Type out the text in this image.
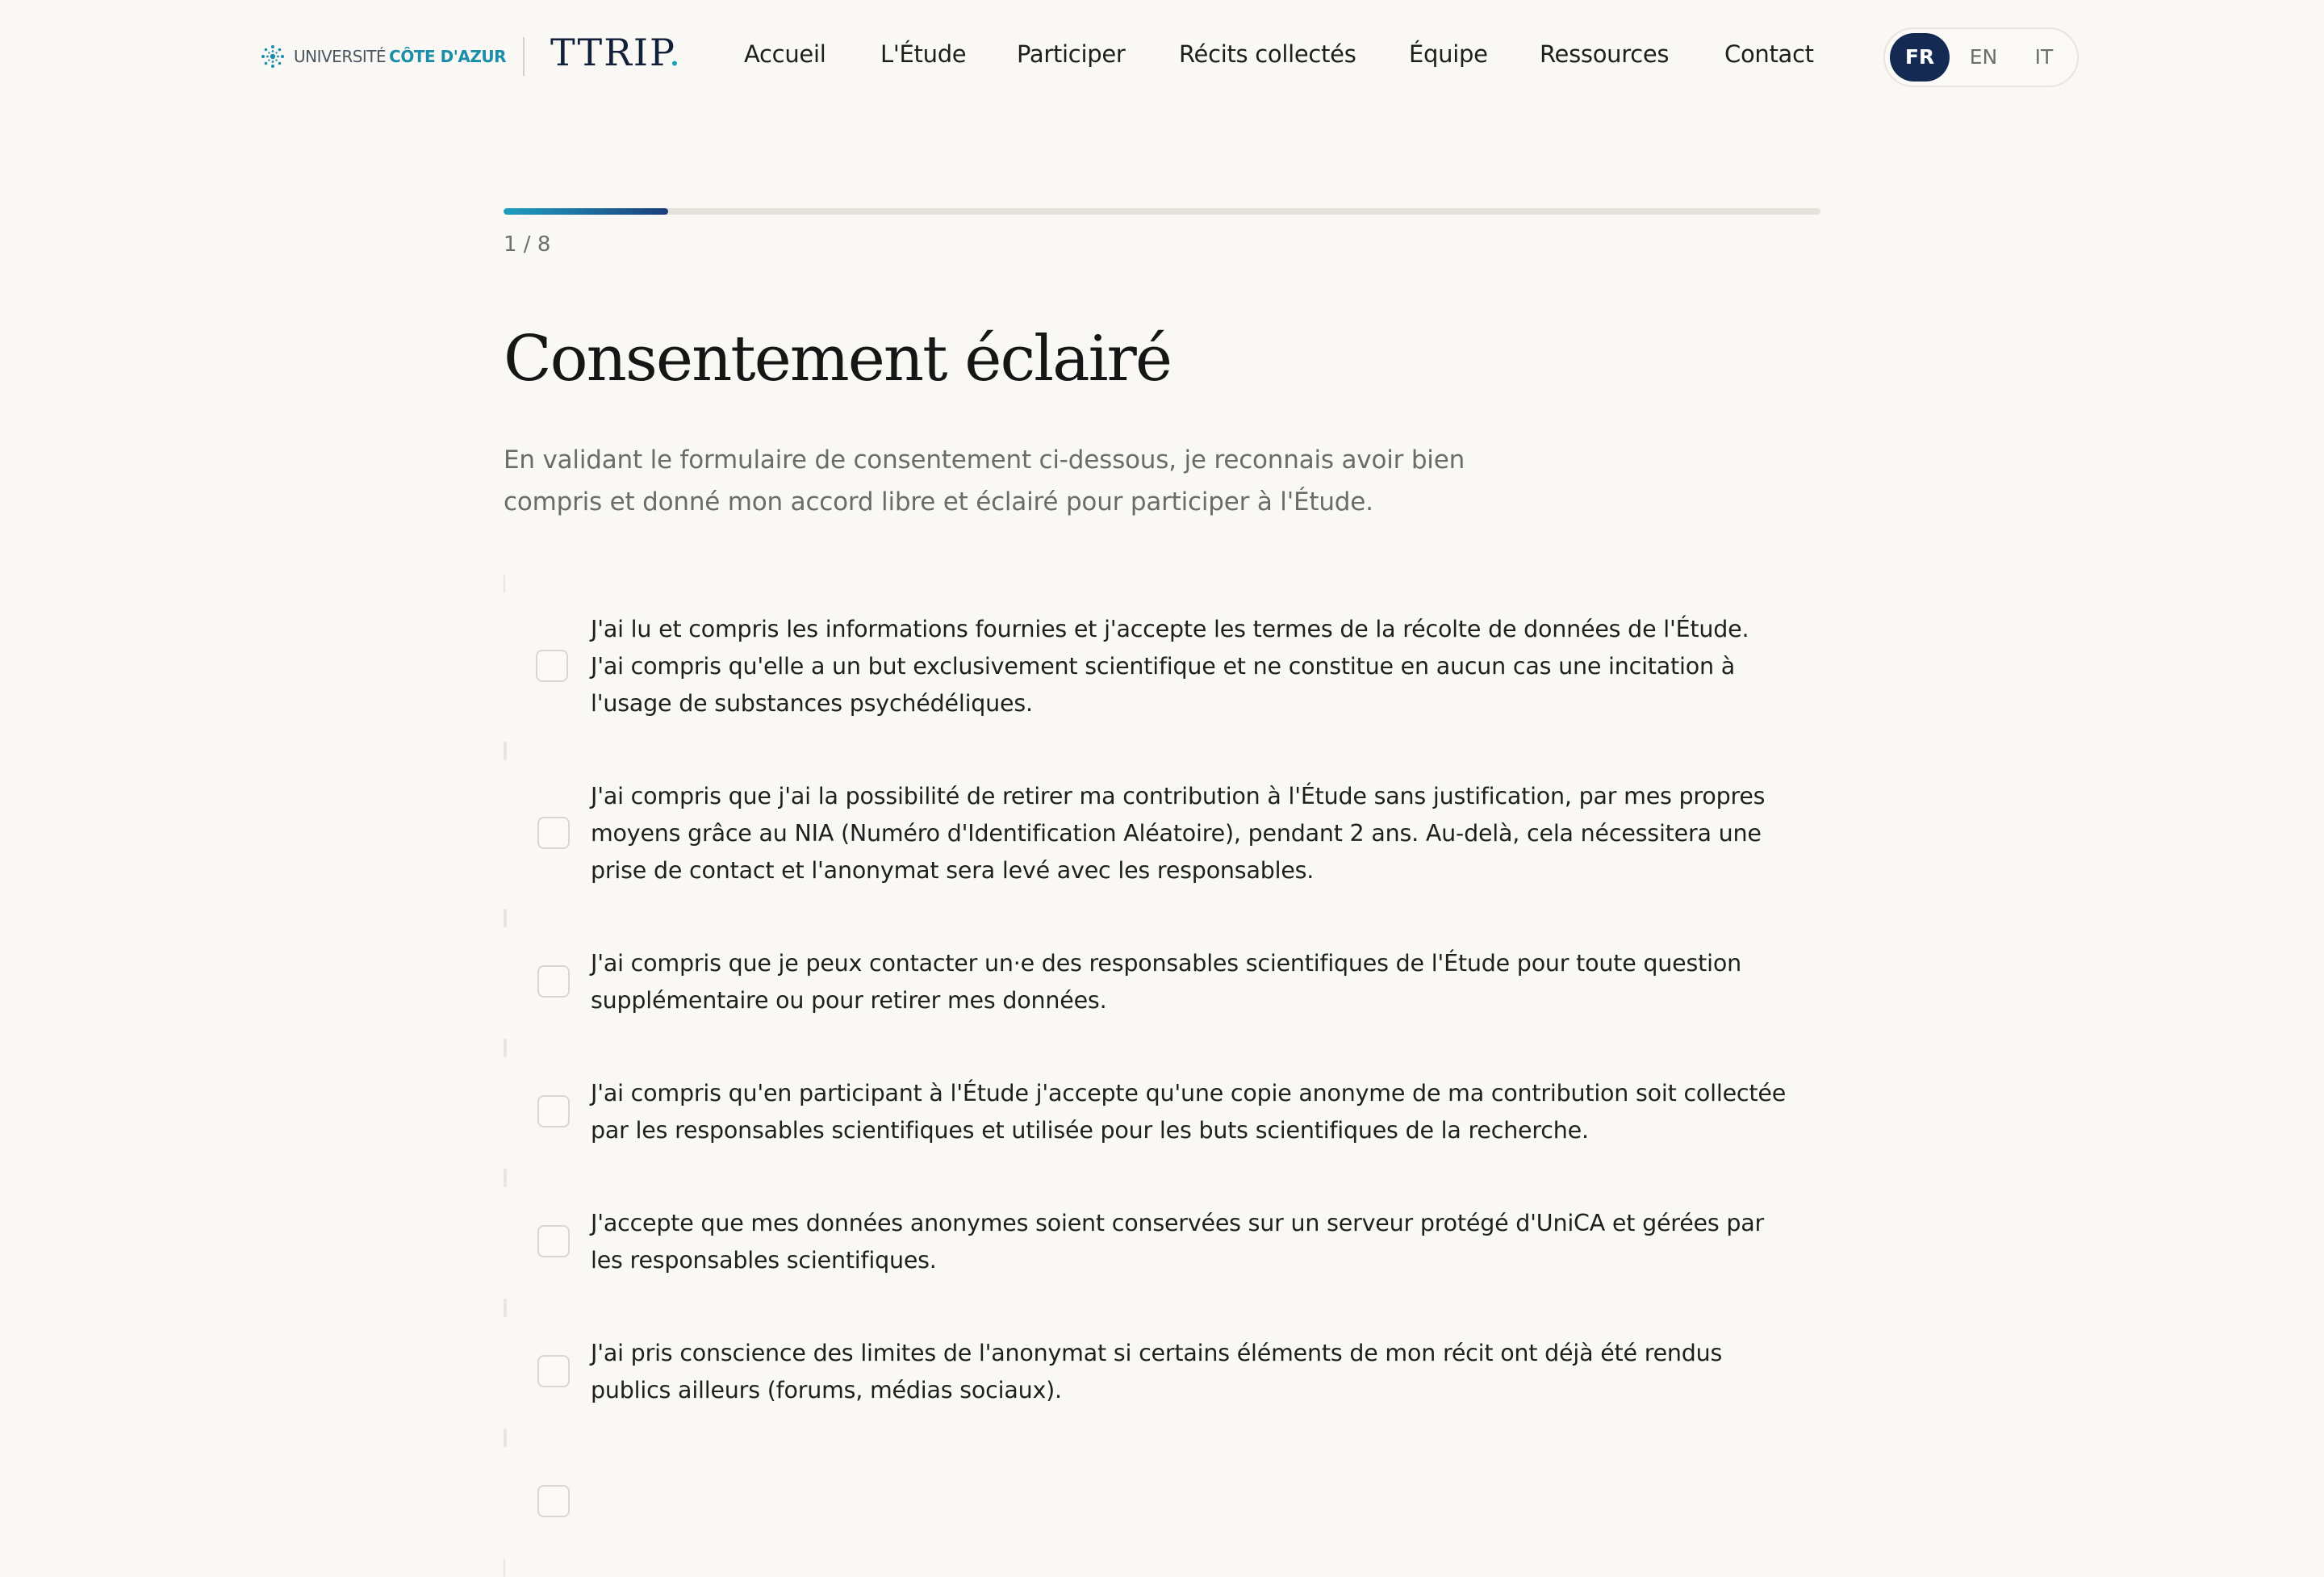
UNIVERSITÉ CÔTE D'AZUR TTRIP.	Accueil L'Étude Participer Récits collectés Équipe Ressources Contact	FR	EN	IT
1 / 8
Consentement éclairé

En validant le formulaire de consentement ci-dessous, je reconnais avoir bien compris et donné mon accord libre et éclairé pour participer à l'Étude.

J'ai lu et compris les informations fournies et j'accepte les termes de la récolte de données de l'Étude. J'ai compris qu'elle a un but exclusivement scientifique et ne constitue en aucun cas une incitation à l'usage de substances psychédéliques.

J'ai compris que j'ai la possibilité de retirer ma contribution à l'Étude sans justification, par mes propres moyens grâce au NIA (Numéro d'Identification Aléatoire), pendant 2 ans. Au-delà, cela nécessitera une prise de contact et l'anonymat sera levé avec les responsables.

J'ai compris que je peux contacter un·e des responsables scientifiques de l'Étude pour toute question supplémentaire ou pour retirer mes données.

J'ai compris qu'en participant à l'Étude j'accepte qu'une copie anonyme de ma contribution soit collectée par les responsables scientifiques et utilisée pour les buts scientifiques de la recherche.

J'accepte que mes données anonymes soient conservées sur un serveur protégé d'UniCA et gérées par les responsables scientifiques.

J'ai pris conscience des limites de l'anonymat si certains éléments de mon récit ont déjà été rendus publics ailleurs (forums, médias sociaux).
